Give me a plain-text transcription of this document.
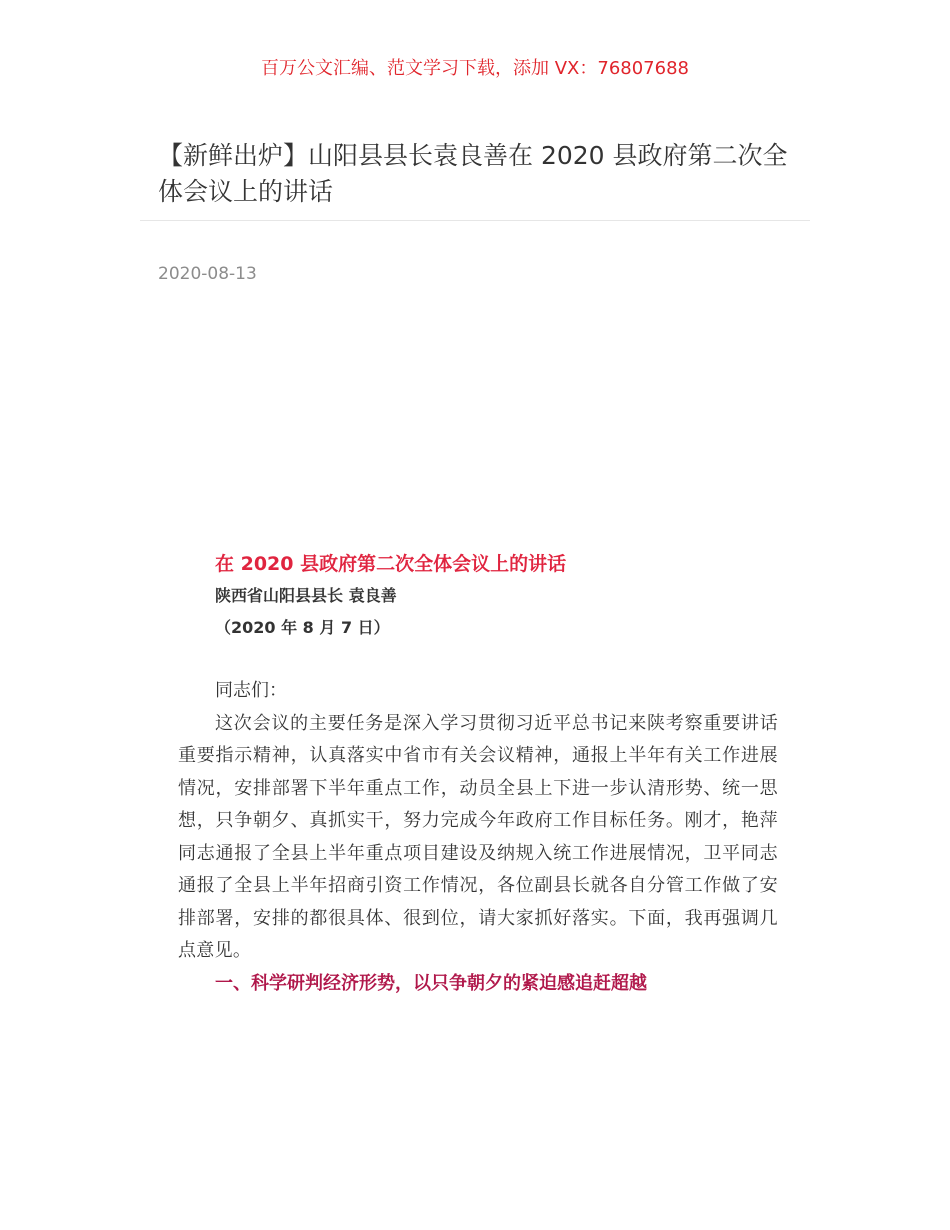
百万公文汇编、范文学习下载，添加 VX：76807688
【新鲜出炉】山阳县县长袁良善在 2020 县政府第二次全体会议上的讲话
2020-08-13

在 2020 县政府第二次全体会议上的讲话

陕西省山阳县县长 袁良善

（2020 年 8 月 7 日）

同志们：

这次会议的主要任务是深入学习贯彻习近平总书记来陕考察重要讲话重要指示精神，认真落实中省市有关会议精神，通报上半年有关工作进展情况，安排部署下半年重点工作，动员全县上下进一步认清形势、统一思想，只争朝夕、真抓实干，努力完成今年政府工作目标任务。刚才，艳萍同志通报了全县上半年重点项目建设及纳规入统工作进展情况，卫平同志通报了全县上半年招商引资工作情况，各位副县长就各自分管工作做了安排部署，安排的都很具体、很到位，请大家抓好落实。下面，我再强调几点意见。

一、科学研判经济形势，以只争朝夕的紧迫感追赶超越
